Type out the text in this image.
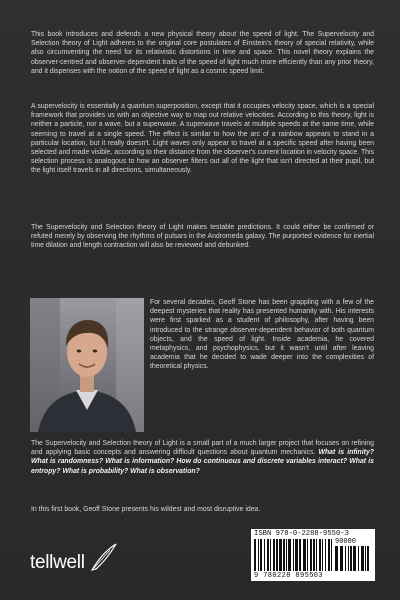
This book introduces and defends a new physical theory about the speed of light. The Supervelocity and Selection theory of Light adheres to the original core postulates of Einstein's theory of special relativity, while also circumventing the need for its relativistic distortions in time and space. This novel theory explains the observer-centred and observer-dependent traits of the speed of light much more efficiently than any prior theory, and it dispenses with the notion of the speed of light as a cosmic speed limit.

A supervelocity is essentially a quantum superposition, except that it occupies velocity space, which is a special framework that provides us with an objective way to map out relative velocities. According to this theory, light is neither a particle, nor a wave, but a superwave. A superwave travels at multiple speeds at the same time, while seeming to travel at a single speed. The effect is similar to how the arc of a rainbow appears to stand in a particular location, but it really doesn't. Light waves only appear to travel at a specific speed after having been selected and made visible, according to their distance from the observer's current location in velocity space. This selection process is analogous to how an observer filters out all of the light that isn't directed at their pupil, but the light itself travels in all directions, simultaneously.

The Supervelocity and Selection theory of Light makes testable predictions. It could either be confirmed or refuted merely by observing the rhythms of pulsars in the Andromeda galaxy. The purported evidence for inertial time dilation and length contraction will also be reviewed and debunked.

For several decades, Geoff Stone has been grappling with a few of the deepest mysteries that reality has presented humanity with. His interests were first sparked as a student of philosophy, after having been introduced to the strange observer-dependent behavior of both quantum objects, and the speed of light. Inside academia, he covered metaphysics, and psychophysics, but it wasn't until after leaving academia that he decided to wade deeper into the complexities of theoretical physics.

The Supervelocity and Selection theory of Light is a small part of a much larger project that focuses on refining and applying basic concepts and answering difficult questions about quantum mechanics. What is infinity? What is randomness? What is information? How do continuous and discrete variables interact? What is entropy? What is probability? What is observation?

In this first book, Geoff Stone presents his wildest and most disruptive idea.

tellwell
ISBN 978-0-2288-9550-3
90000
9 780228 895503
